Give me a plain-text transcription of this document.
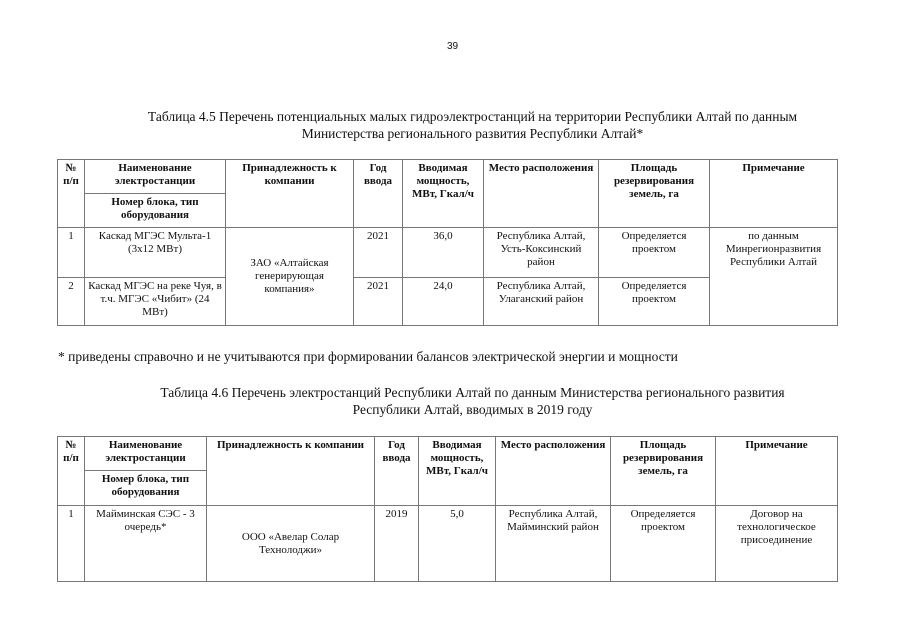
39
Таблица 4.5 Перечень потенциальных малых гидроэлектростанций на территории Республики Алтай по данным
Министерства регионального развития Республики Алтай*
№ п/п	Наименование электростанции	Принадлежность к компании	Год ввода	Вводимая мощность, МВт, Гкал/ч	Место расположения	Площадь резервирования земель, га	Примечание
	Номер блока, тип оборудования						
1	Каскад МГЭС Мульта-1 (3х12 МВт)	ЗАО «Алтайская генерирующая компания»	2021	36,0	Республика Алтай, Усть-Коксинский район	Определяется проектом	по данным Минрегионразвития Республики Алтай
2	Каскад МГЭС на реке Чуя, в т.ч. МГЭС «Чибит» (24 МВт)		2021	24,0	Республика Алтай, Улаганский район	Определяется проектом	
* приведены справочно и не учитываются при формировании балансов электрической энергии и мощности
Таблица 4.6 Перечень электростанций Республики Алтай по данным Министерства регионального развития
Республики Алтай, вводимых в 2019 году
№ п/п	Наименование электростанции	Принадлежность к компании	Год ввода	Вводимая мощность, МВт, Гкал/ч	Место расположения	Площадь резервирования земель, га	Примечание
	Номер блока, тип оборудования						
1	Майминская СЭС - 3 очередь*	ООО «Авелар Солар Технолоджи»	2019	5,0	Республика Алтай, Майминский район	Определяется проектом	Договор на технологическое присоединение
